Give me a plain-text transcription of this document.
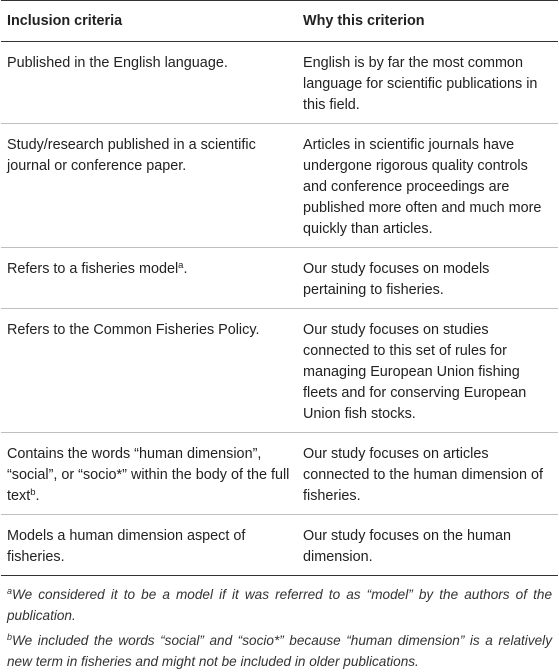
Inclusion criteria	Why this criterion

Published in the English language.	English is by far the most common language for scientific publications in this field.

Study/research published in a scientific journal or conference paper.	Articles in scientific journals have undergone rigorous quality controls and conference proceedings are published more often and much more quickly than articles.

Refers to a fisheries model$^a$.	Our study focuses on models pertaining to fisheries.

Refers to the Common Fisheries Policy.	Our study focuses on studies connected to this set of rules for managing European Union fishing fleets and for conserving European Union fish stocks.

Contains the words “human dimension”, “social”, or “socio*” within the body of the full text$^b$.	Our study focuses on articles connected to the human dimension of fisheries.

Models a human dimension aspect of fisheries.	Our study focuses on the human dimension.

$^a$We considered it to be a model if it was referred to as “model” by the authors of the publication.

$^b$We included the words “social” and “socio*” because “human dimension” is a relatively new term in fisheries and might not be included in older publications.
